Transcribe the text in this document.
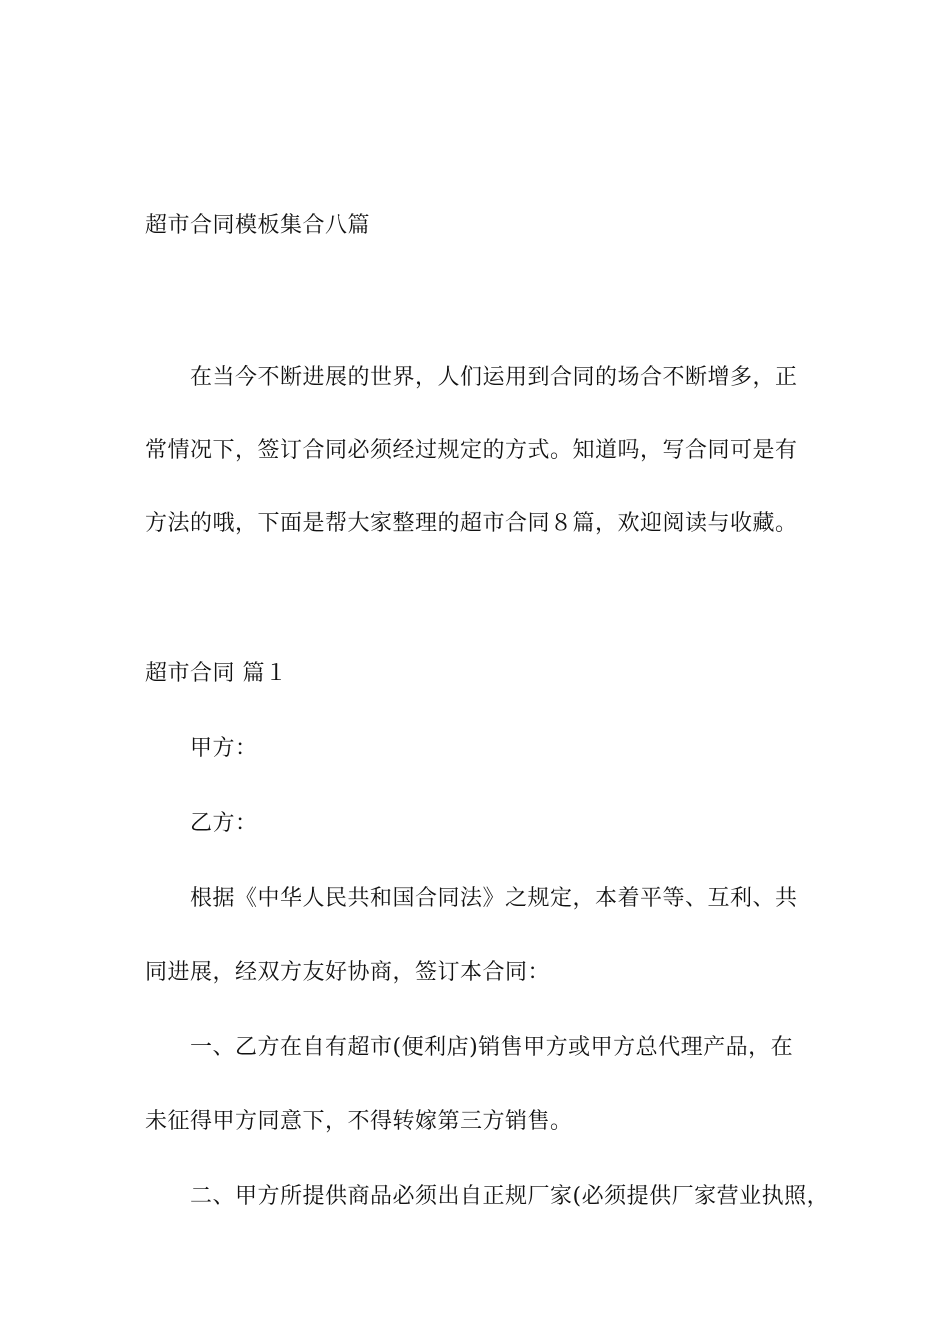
超市合同模板集合八篇
在当今不断进展的世界，人们运用到合同的场合不断增多，正
常情况下，签订合同必须经过规定的方式。知道吗，写合同可是有
方法的哦，下面是帮大家整理的超市合同８篇，欢迎阅读与收藏。
超市合同 篇１
甲方：
乙方：
根据《中华人民共和国合同法》之规定，本着平等、互利、共
同进展，经双方友好协商，签订本合同：
一、乙方在自有超市(便利店)销售甲方或甲方总代理产品，在
未征得甲方同意下，不得转嫁第三方销售。
二、甲方所提供商品必须出自正规厂家(必须提供厂家营业执照，
